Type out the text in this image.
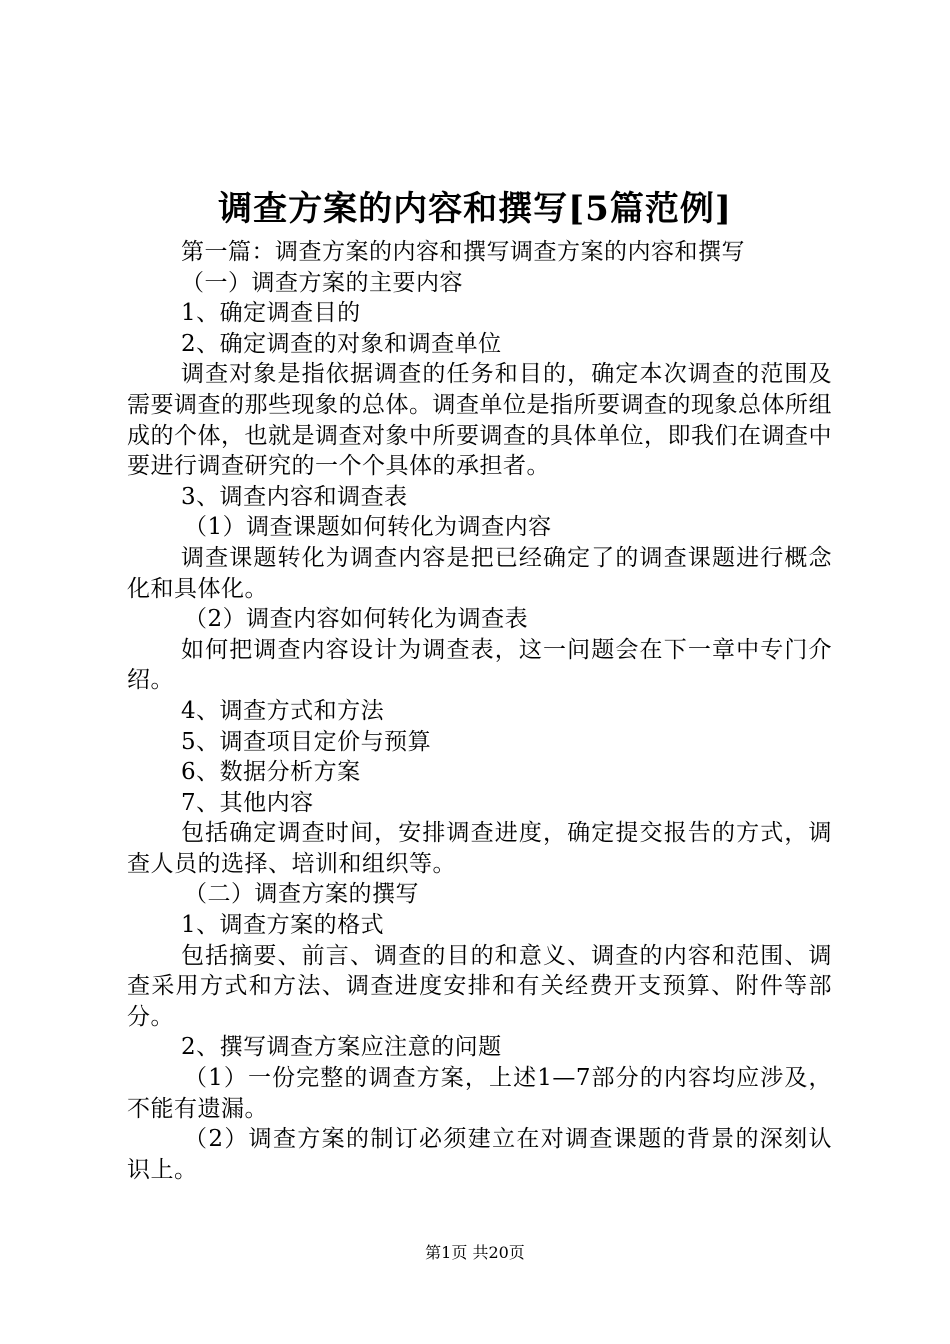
调查方案的内容和撰写[5篇范例]

第一篇：调查方案的内容和撰写调查方案的内容和撰写

（一）调查方案的主要内容

1、确定调查目的

2、确定调查的对象和调查单位

调查对象是指依据调查的任务和目的，确定本次调查的范围及需要调查的那些现象的总体。调查单位是指所要调查的现象总体所组成的个体，也就是调查对象中所要调查的具体单位，即我们在调查中要进行调查研究的一个个具体的承担者。

3、调查内容和调查表

（1）调查课题如何转化为调查内容

调查课题转化为调查内容是把已经确定了的调查课题进行概念化和具体化。

（2）调查内容如何转化为调查表

如何把调查内容设计为调查表，这一问题会在下一章中专门介绍。

4、调查方式和方法

5、调查项目定价与预算

6、数据分析方案

7、其他内容

包括确定调查时间，安排调查进度，确定提交报告的方式，调查人员的选择、培训和组织等。

（二）调查方案的撰写

1、调查方案的格式

包括摘要、前言、调查的目的和意义、调查的内容和范围、调查采用方式和方法、调查进度安排和有关经费开支预算、附件等部分。

2、撰写调查方案应注意的问题

（1）一份完整的调查方案，上述1—7部分的内容均应涉及，不能有遗漏。

（2）调查方案的制订必须建立在对调查课题的背景的深刻认识上。

第1页 共20页
